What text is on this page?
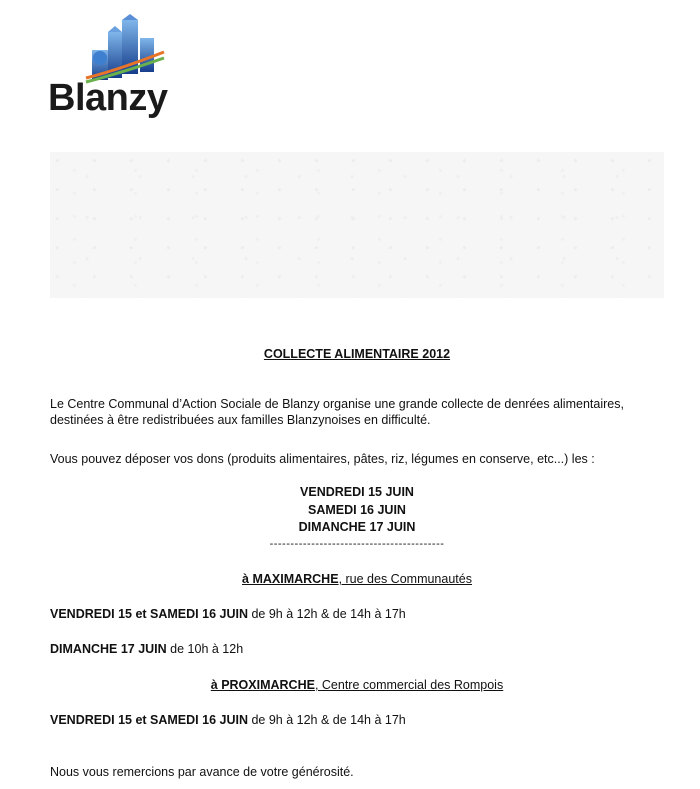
Blanzy
COLLECTE ALIMENTAIRE 2012
Le Centre Communal d’Action Sociale de Blanzy organise une grande collecte de denrées alimentaires, destinées à être redistribuées aux familles Blanzynoises en difficulté.
Vous pouvez déposer vos dons (produits alimentaires, pâtes, riz, légumes en conserve, etc...) les :
VENDREDI 15 JUIN
SAMEDI 16 JUIN
DIMANCHE 17 JUIN
------------------------------------------
à MAXIMARCHE, rue des Communautés
VENDREDI 15 et SAMEDI 16 JUIN de 9h à 12h & de 14h à 17h
DIMANCHE 17 JUIN de 10h à 12h
à PROXIMARCHE, Centre commercial des Rompois
VENDREDI 15 et SAMEDI 16 JUIN de 9h à 12h & de 14h à 17h
Nous vous remercions par avance de votre générosité.
